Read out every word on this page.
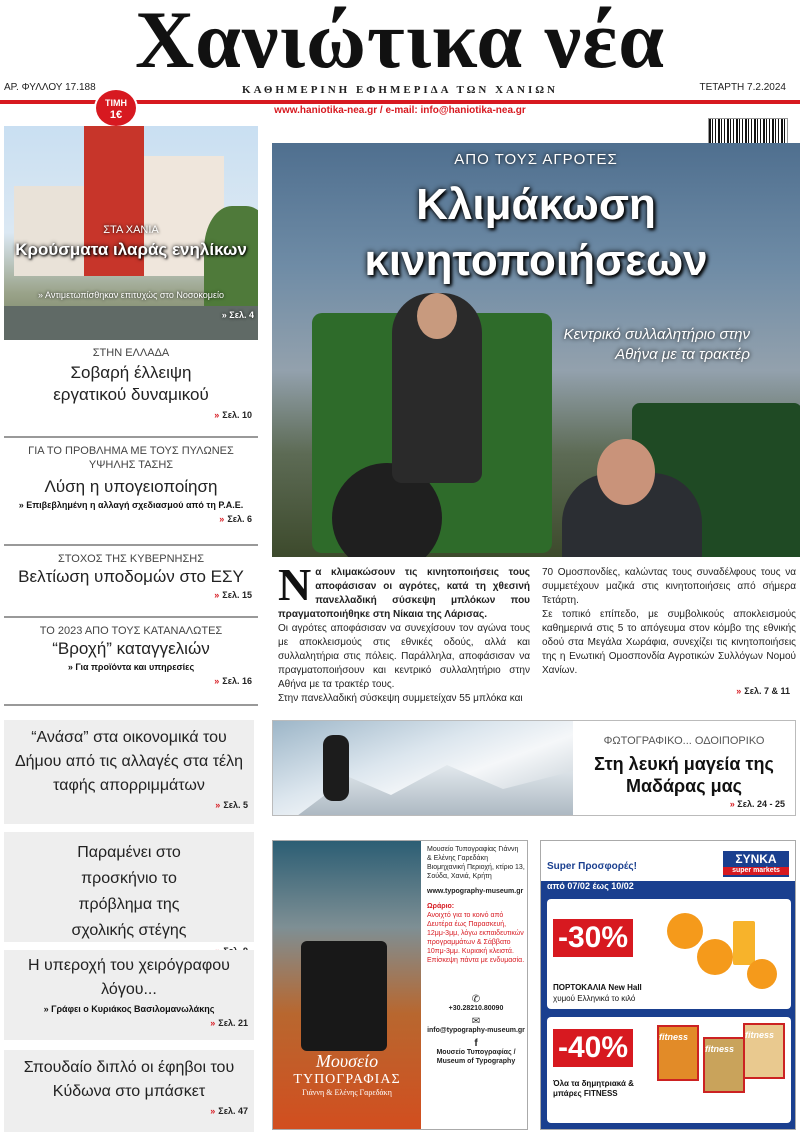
Χανιώτικα νέα
ΑΡ. ΦΥΛΛΟΥ 17.188	ΚΑΘΗΜΕΡΙΝΗ ΕΦΗΜΕΡΙΔΑ ΤΩΝ ΧΑΝΙΩΝ	ΤΕΤΑΡΤΗ 7.2.2024
www.haniotika-nea.gr / e-mail: info@haniotika-nea.gr
ΤΙΜΗ
1€
ΣΤΑ ΧΑΝΙΑ
Κρούσματα ιλαράς ενηλίκων
» Αντιμετωπίσθηκαν επιτυχώς στο Νοσοκομείο
» Σελ. 4
ΣΤΗΝ ΕΛΛΑΔΑ
Σοβαρή έλλειψη εργατικού δυναμικού
» Σελ. 10
ΓΙΑ ΤΟ ΠΡΟΒΛΗΜΑ ΜΕ ΤΟΥΣ ΠΥΛΩΝΕΣ ΥΨΗΛΗΣ ΤΑΣΗΣ
Λύση η υπογειοποίηση
» Επιβεβλημένη η αλλαγή σχεδιασμού από τη Ρ.Α.Ε.
» Σελ. 6
ΣΤΟΧΟΣ ΤΗΣ ΚΥΒΕΡΝΗΣΗΣ
Βελτίωση υποδομών στο ΕΣΥ
» Σελ. 15
ΤΟ 2023 ΑΠΟ ΤΟΥΣ ΚΑΤΑΝΑΛΩΤΕΣ
“Βροχή” καταγγελιών
» Για προϊόντα και υπηρεσίες
» Σελ. 16
“Ανάσα” στα οικονομικά του Δήμου από τις αλλαγές στα τέλη ταφής απορριμμάτων
» Σελ. 5
Παραμένει στο προσκήνιο το πρόβλημα της σχολικής στέγης
Η υπεροχή του χειρόγραφου λόγου...
» Γράφει ο Κυριάκος Βασιλομανωλάκης
» Σελ. 21
Σπουδαίο διπλό οι έφηβοι του Κύδωνα στο μπάσκετ
» Σελ. 47
ΑΠΟ ΤΟΥΣ ΑΓΡΟΤΕΣ
Κλιμάκωση κινητοποιήσεων
Κεντρικό συλλαλητήριο στην Αθήνα με τα τρακτέρ
Ν α κλιμακώσουν τις κινητοποιήσεις τους αποφάσισαν οι αγρότες, κατά τη χθεσινή πανελλαδική σύσκεψη μπλόκων που πραγματοποιήθηκε στη Νίκαια της Λάρισας.

Οι αγρότες αποφάσισαν να συνεχίσουν τον αγώνα τους με αποκλεισμούς στις εθνικές οδούς, αλλά και συλλαλητήρια στις πόλεις. Παράλληλα, αποφάσισαν να πραγματοποιήσουν και κεντρικό συλλαλητήριο στην Αθήνα με τα τρακτέρ τους.

Στην πανελλαδική σύσκεψη συμμετείχαν 55 μπλόκα και

70 Ομοσπονδίες, καλώντας τους συναδέλφους τους να συμμετέχουν μαζικά στις κινητοποιήσεις από σήμερα Τετάρτη.

Σε τοπικό επίπεδο, με συμβολικούς αποκλεισμούς καθημερινά στις 5 το απόγευμα στον κόμβο της εθνικής οδού στα Μεγάλα Χωράφια, συνεχίζει τις κινητοποιήσεις της η Ενωτική Ομοσπονδία Αγροτικών Συλλόγων Νομού Χανίων.

» Σελ. 7 & 11
ΦΩΤΟΓΡΑΦΙΚΟ... ΟΔΟΙΠΟΡΙΚΟ
Στη λευκή μαγεία της Μαδάρας μας
» Σελ. 24 - 25
Μουσείο
ΤΥΠΟΓΡΑΦΙΑΣ
Γιάννη & Ελένης Γαρεδάκη
Μουσείο Τυπογραφίας Γιάννη & Ελένης Γαρεδάκη Βιομηχανική Περιοχή, κτίριο 13, Σούδα, Χανιά, Κρήτη
www.typography-museum.gr
Ωράριο:
Ανοιχτό για το κοινό από Δευτέρα έως Παρασκευή, 12μμ-3μμ, λόγω εκπαιδευτικών προγραμμάτων & Σάββατο 10πμ-3μμ. Κυριακή κλειστά. Επίσκεψη πάντα με ενδυμασία.
✆
+30.28210.80090
✉
info@typography-museum.gr
f
Μουσείο Τυπογραφίας / Museum of Typography
Super Προσφορές!
ΣΥΝΚΑ
super markets
από 07/02 έως 10/02
-30%
ΠΟΡΤΟΚΑΛΙΑ New Hall
χυμού Ελληνικά το κιλό
-40%	fitness
fitness
fitness
Όλα τα δημητριακά & μπάρες FITNESS
